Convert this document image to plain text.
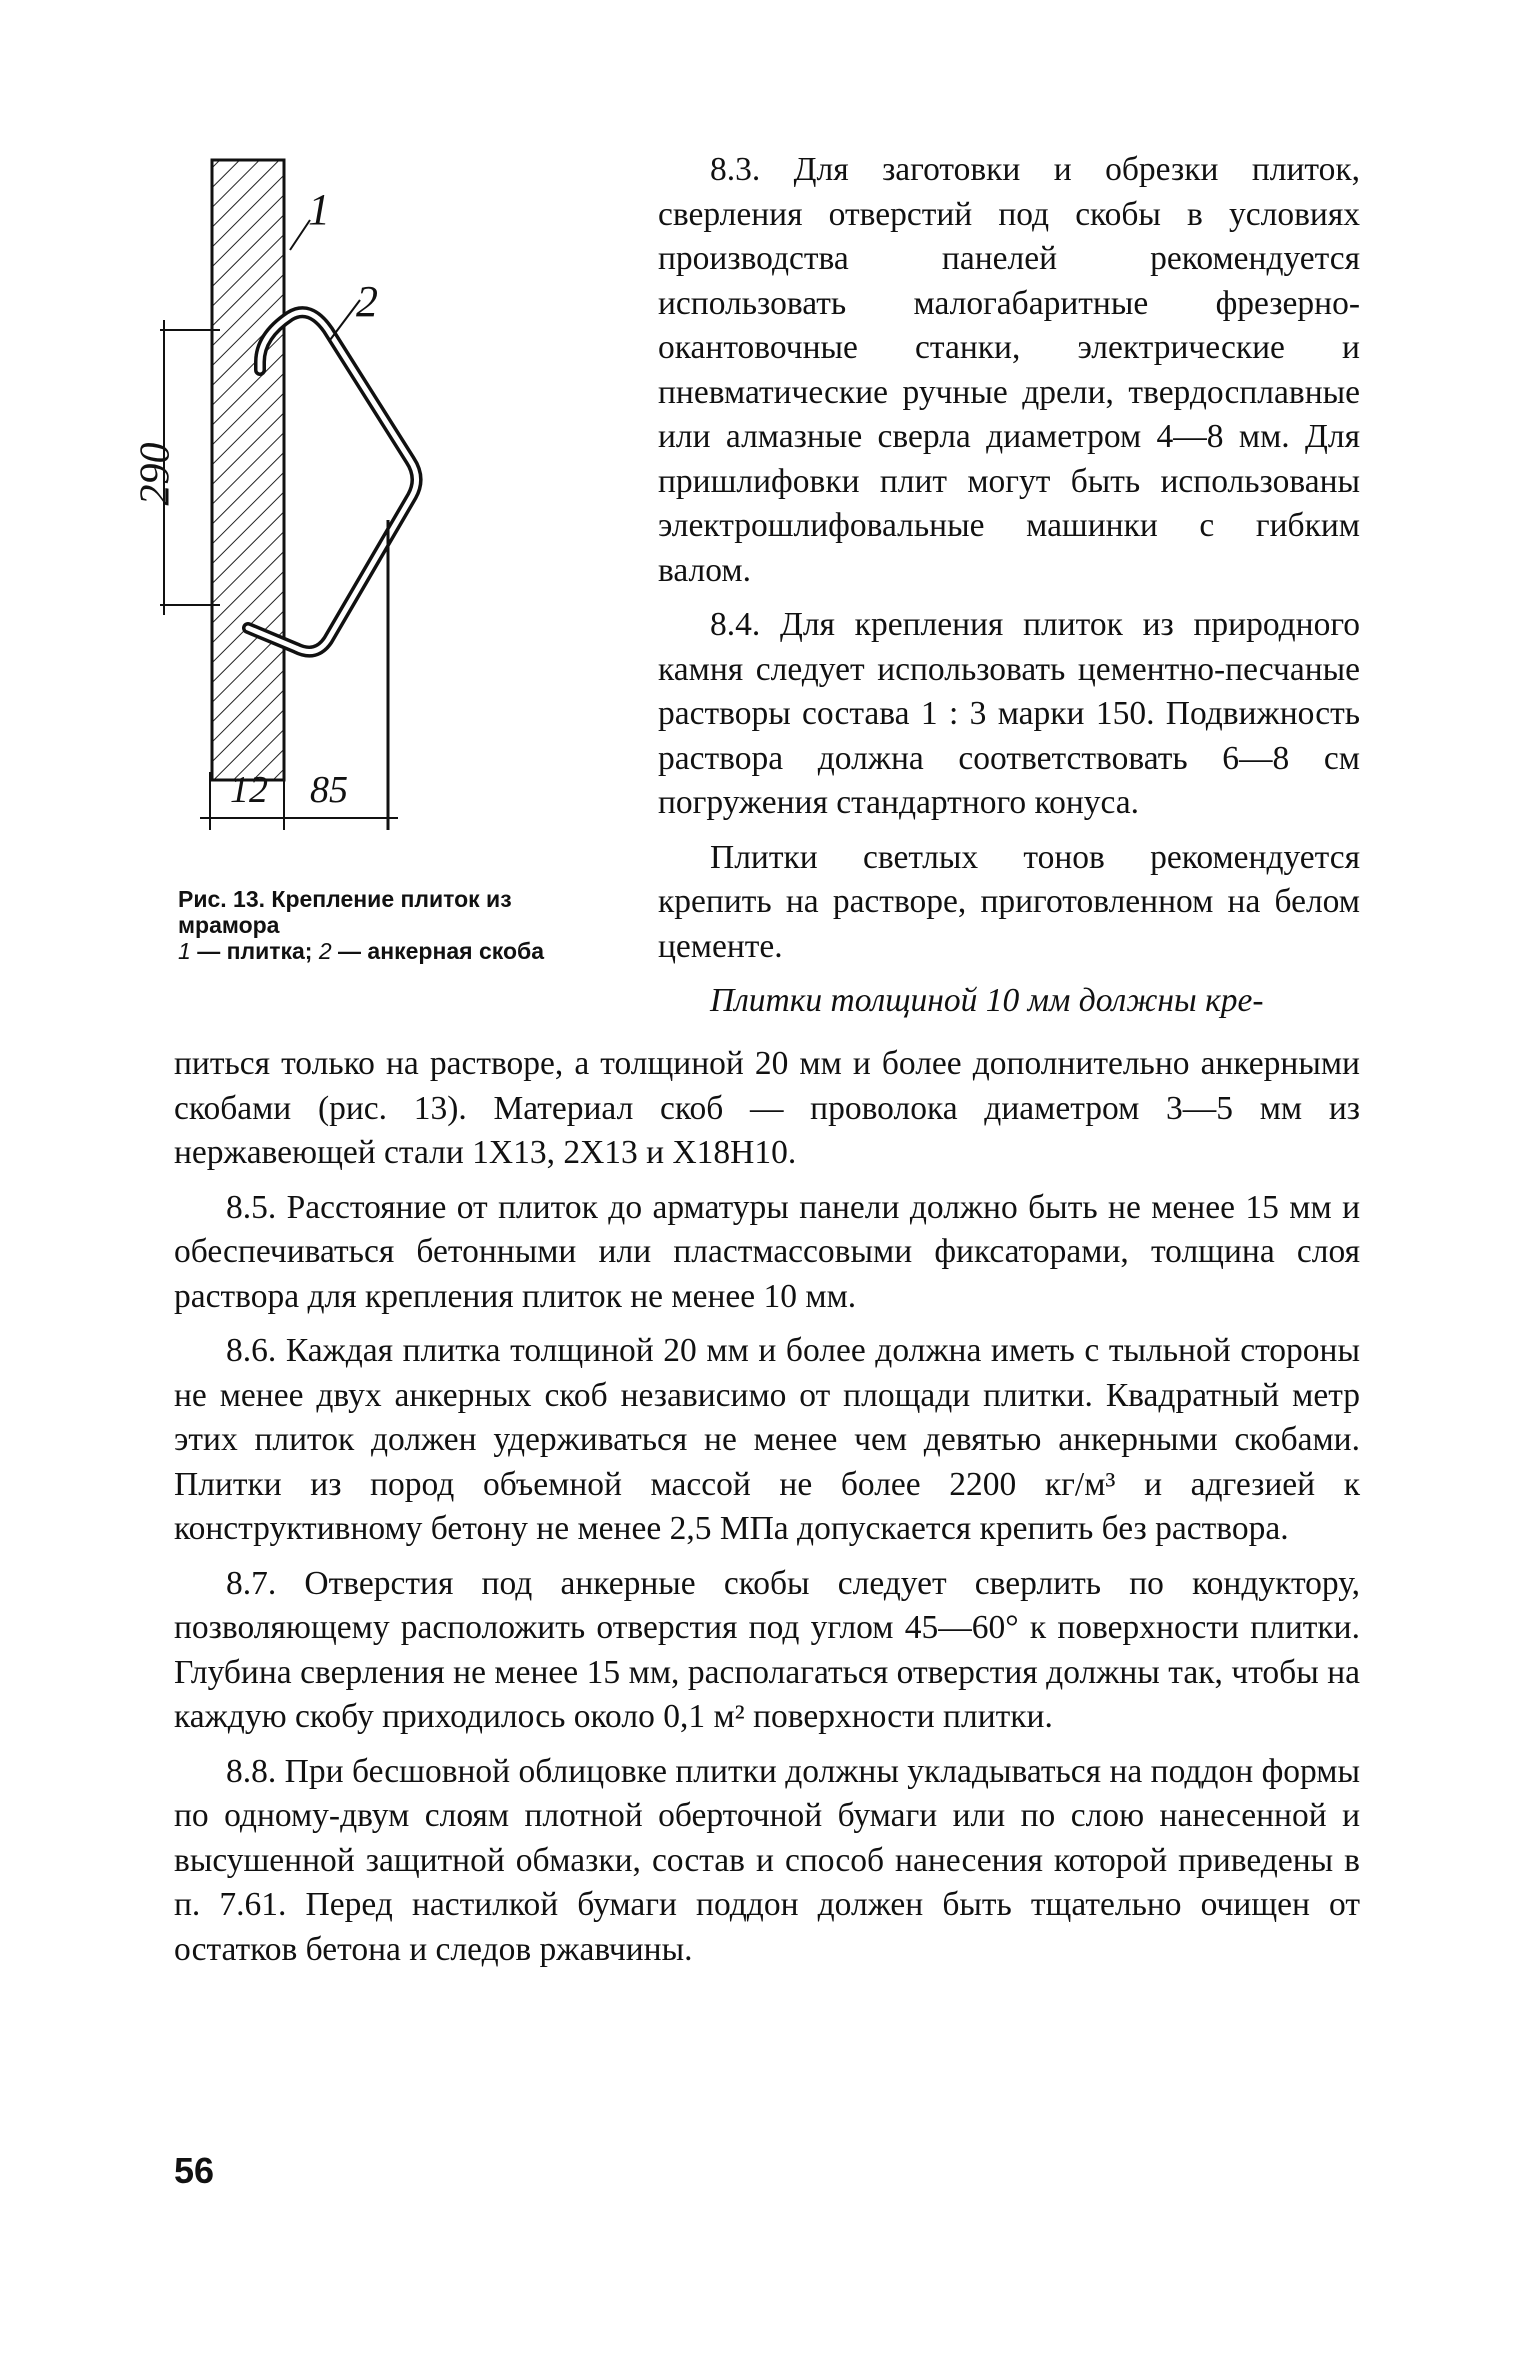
1
2
290
12 85
Рис. 13. Крепление плиток из мрамора
1 — плитка; 2 — анкерная скоба

8.3. Для заготовки и обрезки плиток, сверления отверстий под скобы в условиях производства панелей рекомендуется использовать малогабаритные фрезерно-окантовочные станки, электрические и пневматические ручные дрели, твердосплавные или алмазные сверла диаметром 4—8 мм. Для пришлифовки плит могут быть использованы электрошлифовальные машинки с гибким валом.

8.4. Для крепления плиток из природного камня следует использовать цементно-песчаные растворы состава 1 : 3 марки 150. Подвижность раствора должна соответствовать 6—8 см погружения стандартного конуса.

Плитки светлых тонов рекомендуется крепить на растворе, приготовленном на белом цементе.

Плитки толщиной 10 мм должны кре-

питься только на растворе, а толщиной 20 мм и более дополнительно анкерными скобами (рис. 13). Материал скоб — проволока диаметром 3—5 мм из нержавеющей стали 1Х13, 2Х13 и Х18Н10.

8.5. Расстояние от плиток до арматуры панели должно быть не менее 15 мм и обеспечиваться бетонными или пластмассовыми фиксаторами, толщина слоя раствора для крепления плиток не менее 10 мм.

8.6. Каждая плитка толщиной 20 мм и более должна иметь с тыльной стороны не менее двух анкерных скоб независимо от площади плитки. Квадратный метр этих плиток должен удерживаться не менее чем девятью анкерными скобами. Плитки из пород объемной массой не более 2200 кг/м³ и адгезией к конструктивному бетону не менее 2,5 МПа допускается крепить без раствора.

8.7. Отверстия под анкерные скобы следует сверлить по кондуктору, позволяющему расположить отверстия под углом 45—60° к поверхности плитки. Глубина сверления не менее 15 мм, располагаться отверстия должны так, чтобы на каждую скобу приходилось около 0,1 м² поверхности плитки.

8.8. При бесшовной облицовке плитки должны укладываться на поддон формы по одному-двум слоям плотной оберточной бумаги или по слою нанесенной и высушенной защитной обмазки, состав и способ нанесения которой приведены в п. 7.61. Перед настилкой бумаги поддон должен быть тщательно очищен от остатков бетона и следов ржавчины.

56
